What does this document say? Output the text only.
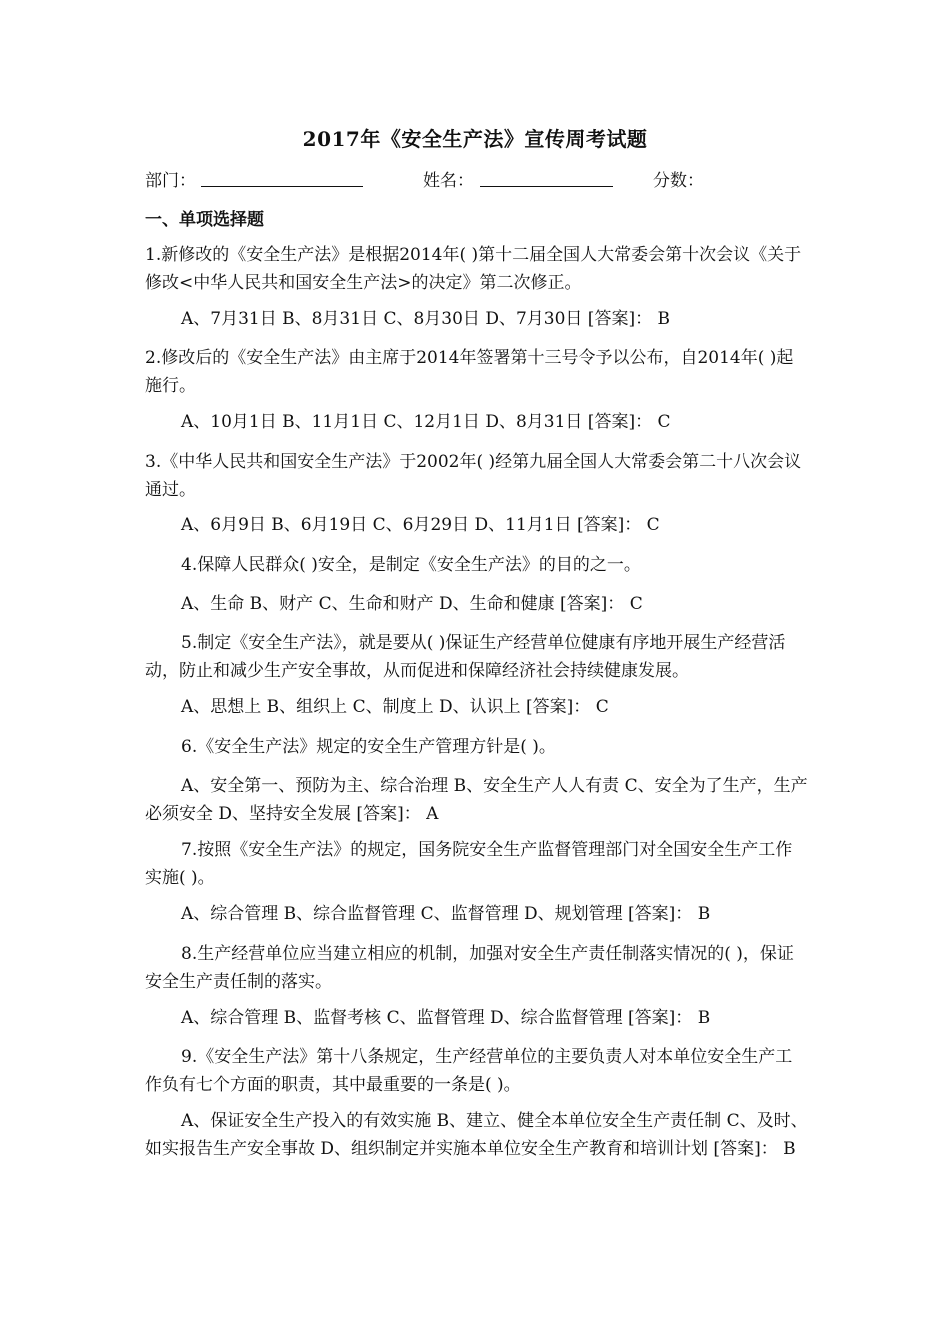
2017年《安全生产法》宣传周考试题
部门：	姓名：	分数：
一、单项选择题
1.新修改的《安全生产法》是根据2014年( )第十二届全国人大常委会第十次会议《关于修改<中华人民共和国安全生产法>的决定》第二次修正。
A、7月31日 B、8月31日 C、8月30日 D、7月30日 [答案]： B
2.修改后的《安全生产法》由主席于2014年签署第十三号令予以公布，自2014年( )起施行。
A、10月1日 B、11月1日 C、12月1日 D、8月31日 [答案]： C
3.《中华人民共和国安全生产法》于2002年( )经第九届全国人大常委会第二十八次会议通过。
A、6月9日 B、6月19日 C、6月29日 D、11月1日 [答案]： C
4.保障人民群众( )安全，是制定《安全生产法》的目的之一。
A、生命 B、财产 C、生命和财产 D、生命和健康 [答案]： C
5.制定《安全生产法》，就是要从( )保证生产经营单位健康有序地开展生产经营活动，防止和减少生产安全事故，从而促进和保障经济社会持续健康发展。
A、思想上 B、组织上 C、制度上 D、认识上 [答案]： C
6.《安全生产法》规定的安全生产管理方针是( )。
A、安全第一、预防为主、综合治理 B、安全生产人人有责 C、安全为了生产，生产必须安全 D、坚持安全发展 [答案]： A
7.按照《安全生产法》的规定，国务院安全生产监督管理部门对全国安全生产工作实施( )。
A、综合管理 B、综合监督管理 C、监督管理 D、规划管理 [答案]： B
8.生产经营单位应当建立相应的机制，加强对安全生产责任制落实情况的( )，保证安全生产责任制的落实。
A、综合管理 B、监督考核 C、监督管理 D、综合监督管理 [答案]： B
9.《安全生产法》第十八条规定，生产经营单位的主要负责人对本单位安全生产工作负有七个方面的职责，其中最重要的一条是( )。
A、保证安全生产投入的有效实施 B、建立、健全本单位安全生产责任制 C、及时、如实报告生产安全事故 D、组织制定并实施本单位安全生产教育和培训计划 [答案]： B
